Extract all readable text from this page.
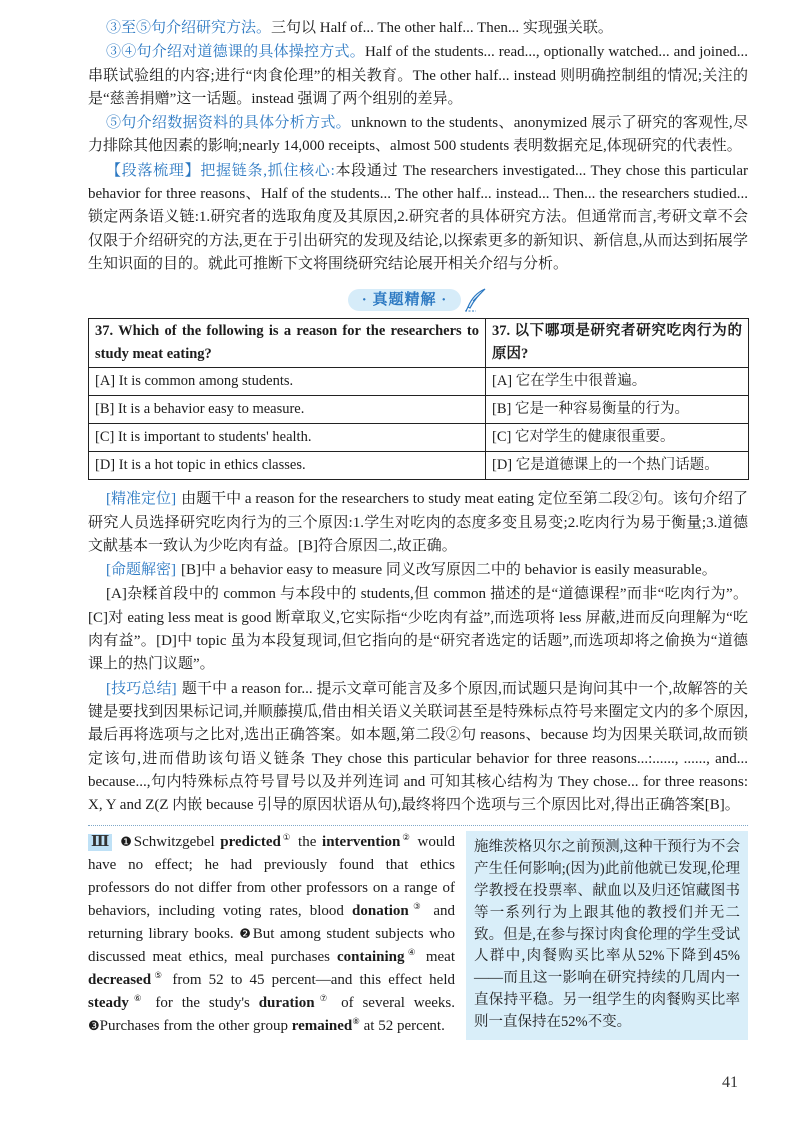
③至⑤句介绍研究方法。三句以 Half of... The other half... Then... 实现强关联。

③④句介绍对道德课的具体操控方式。Half of the students... read..., optionally watched... and joined... 串联试验组的内容;进行“肉食伦理”的相关教育。The other half... instead 则明确控制组的情况;关注的是“慈善捐赠”这一话题。instead 强调了两个组别的差异。

⑤句介绍数据资料的具体分析方式。unknown to the students、anonymized 展示了研究的客观性,尽力排除其他因素的影响;nearly 14,000 receipts、almost 500 students 表明数据充足,体现研究的代表性。

【段落梳理】把握链条,抓住核心:本段通过 The researchers investigated... They chose this particular behavior for three reasons、Half of the students... The other half... instead... Then... the researchers studied... 锁定两条语义链:1.研究者的选取角度及其原因,2.研究者的具体研究方法。但通常而言,考研文章不会仅限于介绍研究的方法,更在于引出研究的发现及结论,以探索更多的新知识、新信息,从而达到拓展学生知识面的目的。就此可推断下文将围绕研究结论展开相关介绍与分析。

· 真题精解 ·
37. Which of the following is a reason for the researchers to study meat eating?	37. 以下哪项是研究者研究吃肉行为的原因?
[A] It is common among students.	[A] 它在学生中很普遍。
[B] It is a behavior easy to measure.	[B] 它是一种容易衡量的行为。
[C] It is important to students' health.	[C] 它对学生的健康很重要。
[D] It is a hot topic in ethics classes.	[D] 它是道德课上的一个热门话题。

[精准定位] 由题干中 a reason for the researchers to study meat eating 定位至第二段②句。该句介绍了研究人员选择研究吃肉行为的三个原因:1.学生对吃肉的态度多变且易变;2.吃肉行为易于衡量;3.道德文献基本一致认为少吃肉有益。[B]符合原因二,故正确。

[命题解密] [B]中 a behavior easy to measure 同义改写原因二中的 behavior is easily measurable。

[A]杂糅首段中的 common 与本段中的 students,但 common 描述的是“道德课程”而非“吃肉行为”。[C]对 eating less meat is good 断章取义,它实际指“少吃肉有益”,而选项将 less 屏蔽,进而反向理解为“吃肉有益”。[D]中 topic 虽为本段复现词,但它指向的是“研究者选定的话题”,而选项却将之偷换为“道德课上的热门议题”。

[技巧总结] 题干中 a reason for... 提示文章可能言及多个原因,而试题只是询问其中一个,故解答的关键是要找到因果标记词,并顺藤摸瓜,借由相关语义关联词甚至是特殊标点符号来圈定文内的多个原因,最后再将选项与之比对,选出正确答案。如本题,第二段②句 reasons、because 均为因果关联词,故而锁定该句,进而借助该句语义链条 They chose this particular behavior for three reasons...:......, ......, and... because...,句内特殊标点符号冒号以及并列连词 and 可知其核心结构为 They chose... for three reasons: X, Y and Z(Z 内嵌 because 引导的原因状语从句),最终将四个选项与三个原因比对,得出正确答案[B]。

Ⅲ ❶Schwitzgebel predicted① the intervention② would have no effect; he had previously found that ethics professors do not differ from other professors on a range of behaviors, including voting rates, blood donation③ and returning library books. ❷But among student subjects who discussed meat ethics, meal purchases containing④ meat decreased⑤ from 52 to 45 percent—and this effect held steady⑥ for the study's duration⑦ of several weeks. ❸Purchases from the other group remained⑧ at 52 percent.

施维茨格贝尔之前预测,这种干预行为不会产生任何影响;(因为)此前他就已发现,伦理学教授在投票率、献血以及归还馆藏图书等一系列行为上跟其他的教授们并无二致。但是,在参与探讨肉食伦理的学生受试人群中,肉餐购买比率从52%下降到45%——而且这一影响在研究持续的几周内一直保持平稳。另一组学生的肉餐购买比率则一直保持在52%不变。

41
